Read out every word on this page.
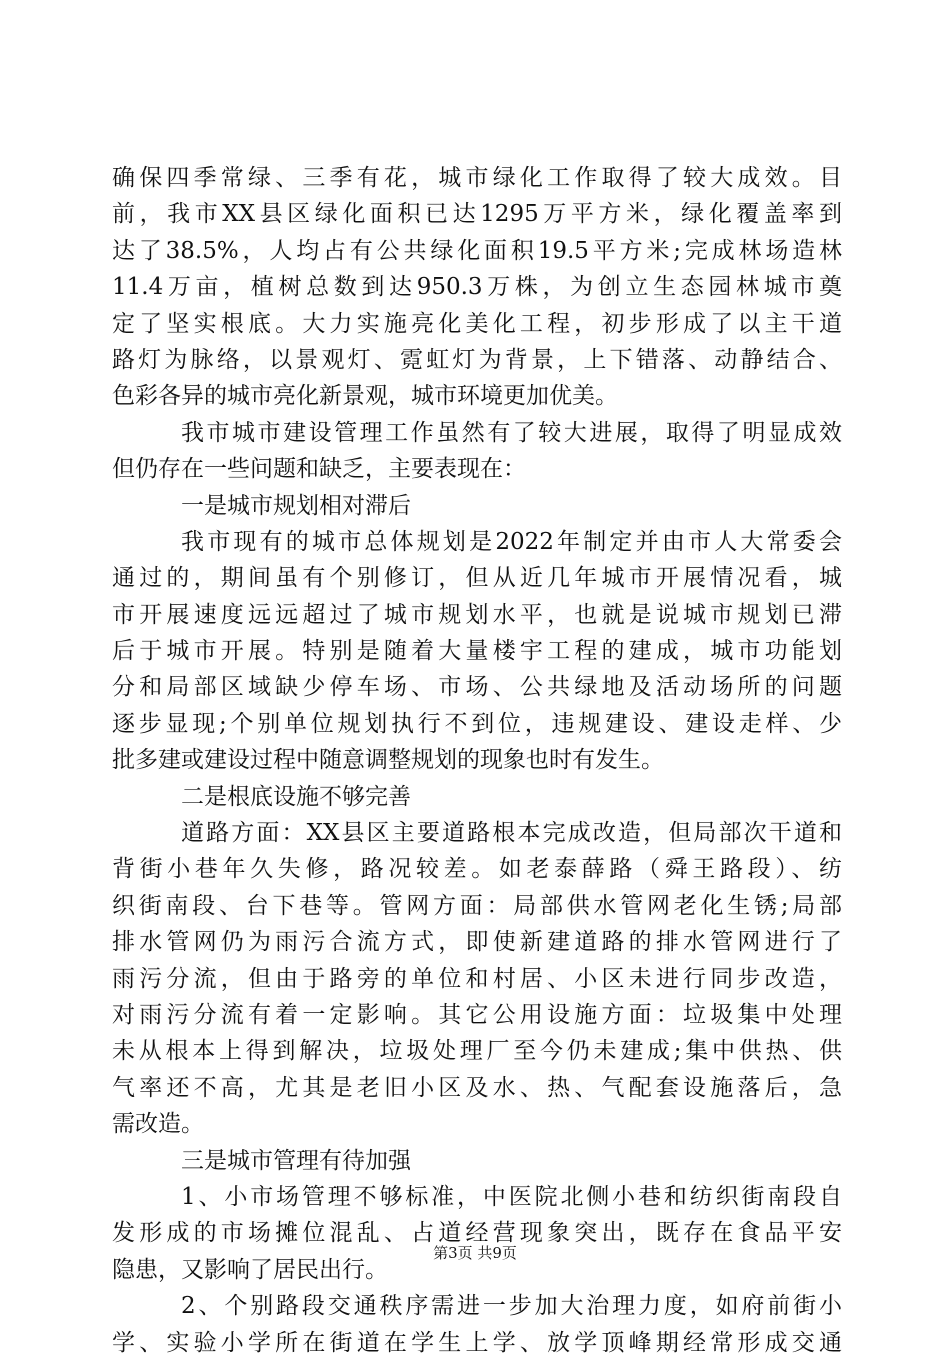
确保四季常绿、三季有花，城市绿化工作取得了较大成效。目
前，我市XX县区绿化面积已达1295万平方米，绿化覆盖率到
达了38.5%，人均占有公共绿化面积19.5平方米;完成林场造林
11.4万亩，植树总数到达950.3万株，为创立生态园林城市奠
定了坚实根底。大力实施亮化美化工程，初步形成了以主干道
路灯为脉络，以景观灯、霓虹灯为背景，上下错落、动静结合、
色彩各异的城市亮化新景观，城市环境更加优美。
我市城市建设管理工作虽然有了较大进展，取得了明显成效
但仍存在一些问题和缺乏，主要表现在：
一是城市规划相对滞后
我市现有的城市总体规划是2022年制定并由市人大常委会
通过的，期间虽有个别修订，但从近几年城市开展情况看，城
市开展速度远远超过了城市规划水平，也就是说城市规划已滞
后于城市开展。特别是随着大量楼宇工程的建成，城市功能划
分和局部区域缺少停车场、市场、公共绿地及活动场所的问题
逐步显现;个别单位规划执行不到位，违规建设、建设走样、少
批多建或建设过程中随意调整规划的现象也时有发生。
二是根底设施不够完善
道路方面：XX县区主要道路根本完成改造，但局部次干道和
背街小巷年久失修，路况较差。如老泰薛路（舜王路段）、纺
织街南段、台下巷等。管网方面：局部供水管网老化生锈;局部
排水管网仍为雨污合流方式，即使新建道路的排水管网进行了
雨污分流，但由于路旁的单位和村居、小区未进行同步改造，
对雨污分流有着一定影响。其它公用设施方面：垃圾集中处理
未从根本上得到解决，垃圾处理厂至今仍未建成;集中供热、供
气率还不高，尤其是老旧小区及水、热、气配套设施落后，急
需改造。
三是城市管理有待加强
1、小市场管理不够标准，中医院北侧小巷和纺织街南段自
发形成的市场摊位混乱、占道经营现象突出，既存在食品平安
隐患，又影响了居民出行。
2、个别路段交通秩序需进一步加大治理力度，如府前街小
学、实验小学所在街道在学生上学、放学顶峰期经常形成交通
第3页 共9页
